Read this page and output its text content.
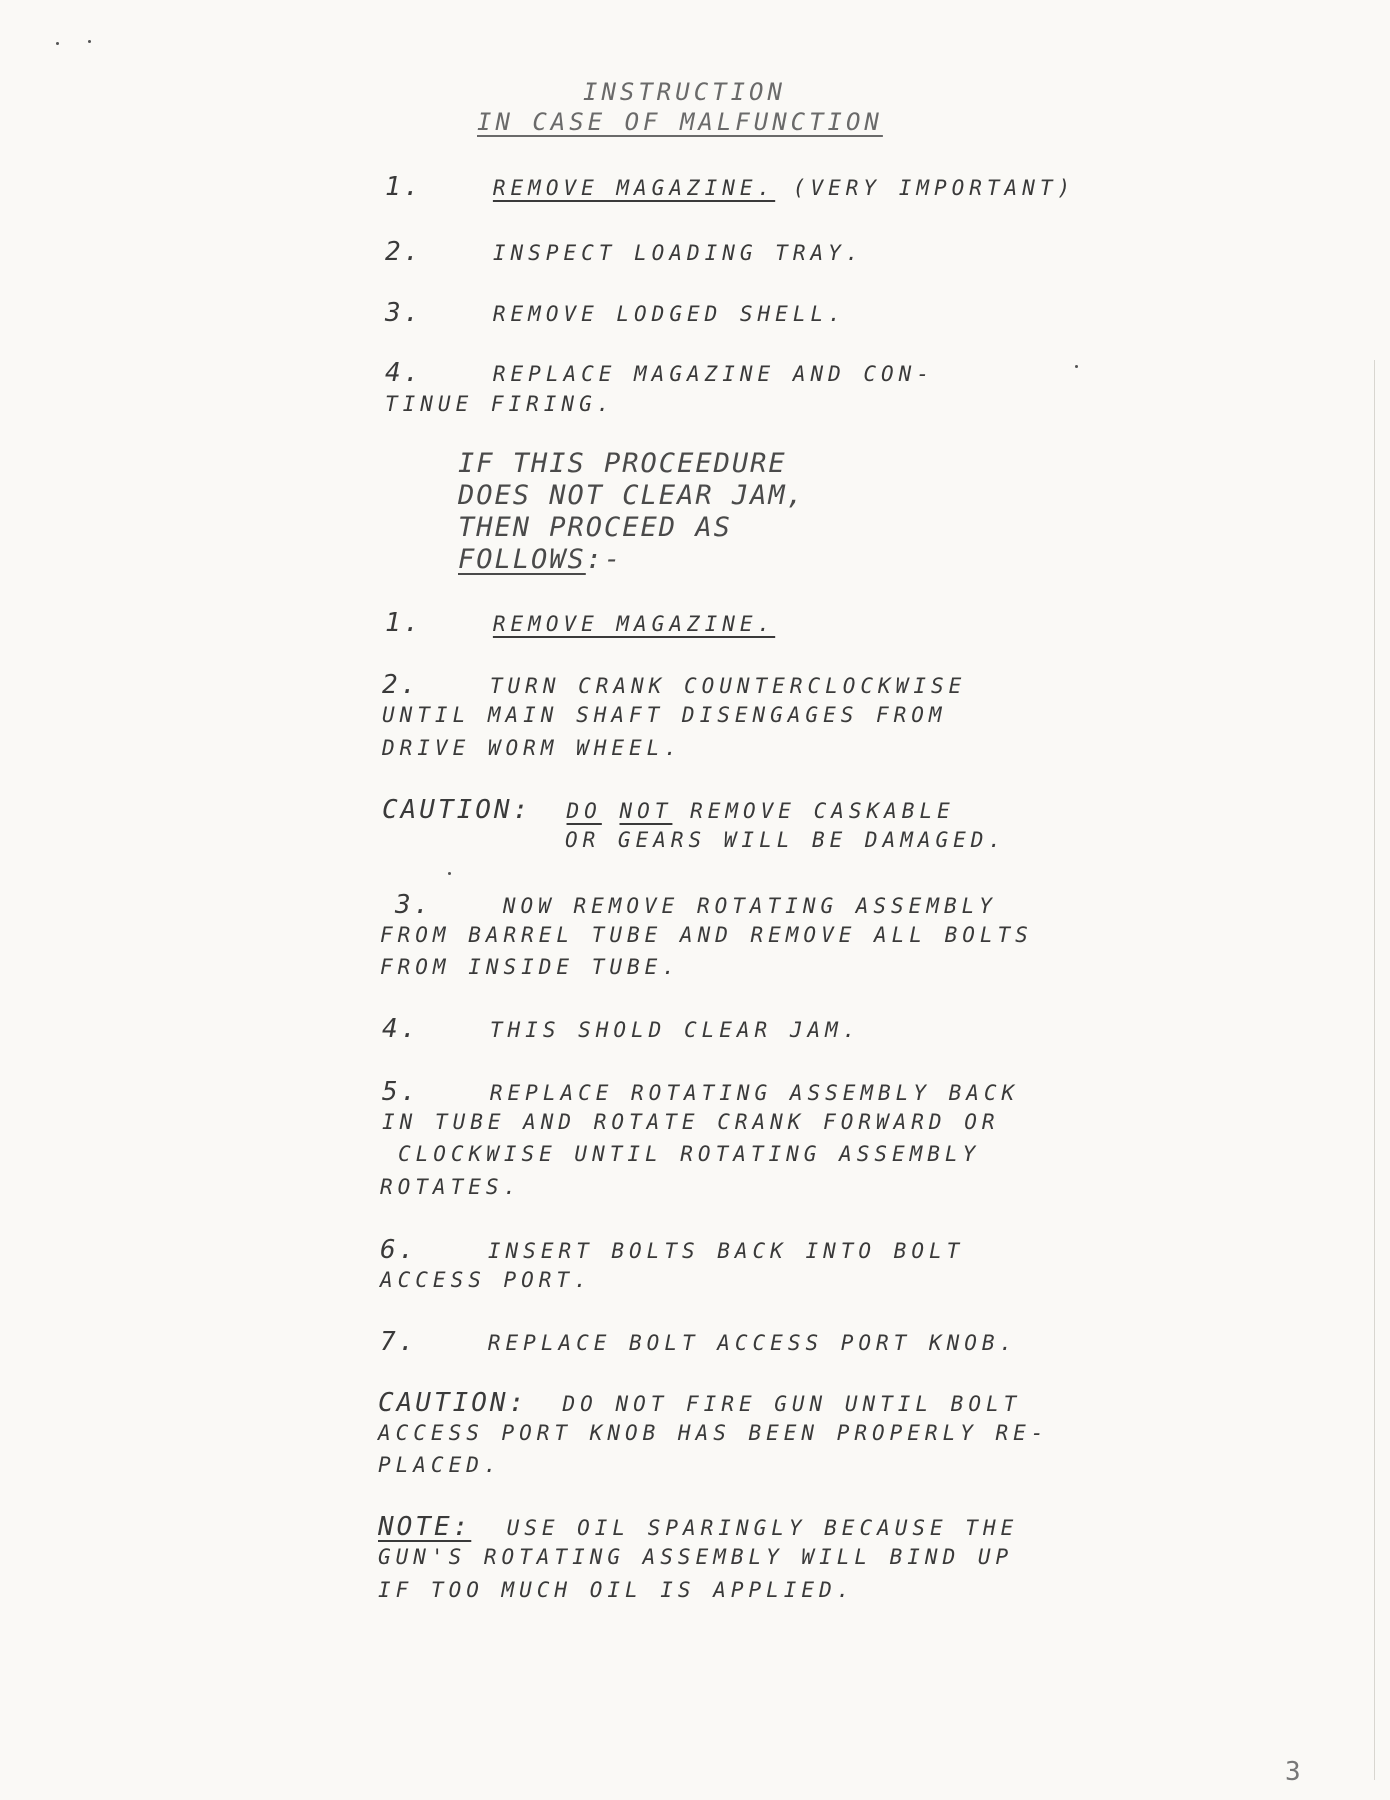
INSTRUCTION
IN CASE OF MALFUNCTION
1.	REMOVE MAGAZINE. (VERY IMPORTANT)
2.	INSPECT LOADING TRAY.
3.	REMOVE LODGED SHELL.
4.	REPLACE MAGAZINE AND CON-
TINUE FIRING.
IF THIS PROCEEDURE
DOES NOT CLEAR JAM,
THEN PROCEED AS
FOLLOWS:-
1.	REMOVE MAGAZINE.
2.	TURN CRANK COUNTERCLOCKWISE
UNTIL MAIN SHAFT DISENGAGES FROM
DRIVE WORM WHEEL.
CAUTION: DO NOT REMOVE CASKABLE
OR GEARS WILL BE DAMAGED.
3.	NOW REMOVE ROTATING ASSEMBLY
FROM BARREL TUBE AND REMOVE ALL BOLTS
FROM INSIDE TUBE.
4.	THIS SHOLD CLEAR JAM.
5.	REPLACE ROTATING ASSEMBLY BACK
IN TUBE AND ROTATE CRANK FORWARD OR
CLOCKWISE UNTIL ROTATING ASSEMBLY
ROTATES.
6.	INSERT BOLTS BACK INTO BOLT
ACCESS PORT.
7.	REPLACE BOLT ACCESS PORT KNOB.
CAUTION: DO NOT FIRE GUN UNTIL BOLT
ACCESS PORT KNOB HAS BEEN PROPERLY RE-
PLACED.
NOTE: USE OIL SPARINGLY BECAUSE THE
GUN'S ROTATING ASSEMBLY WILL BIND UP
IF TOO MUCH OIL IS APPLIED.
3
